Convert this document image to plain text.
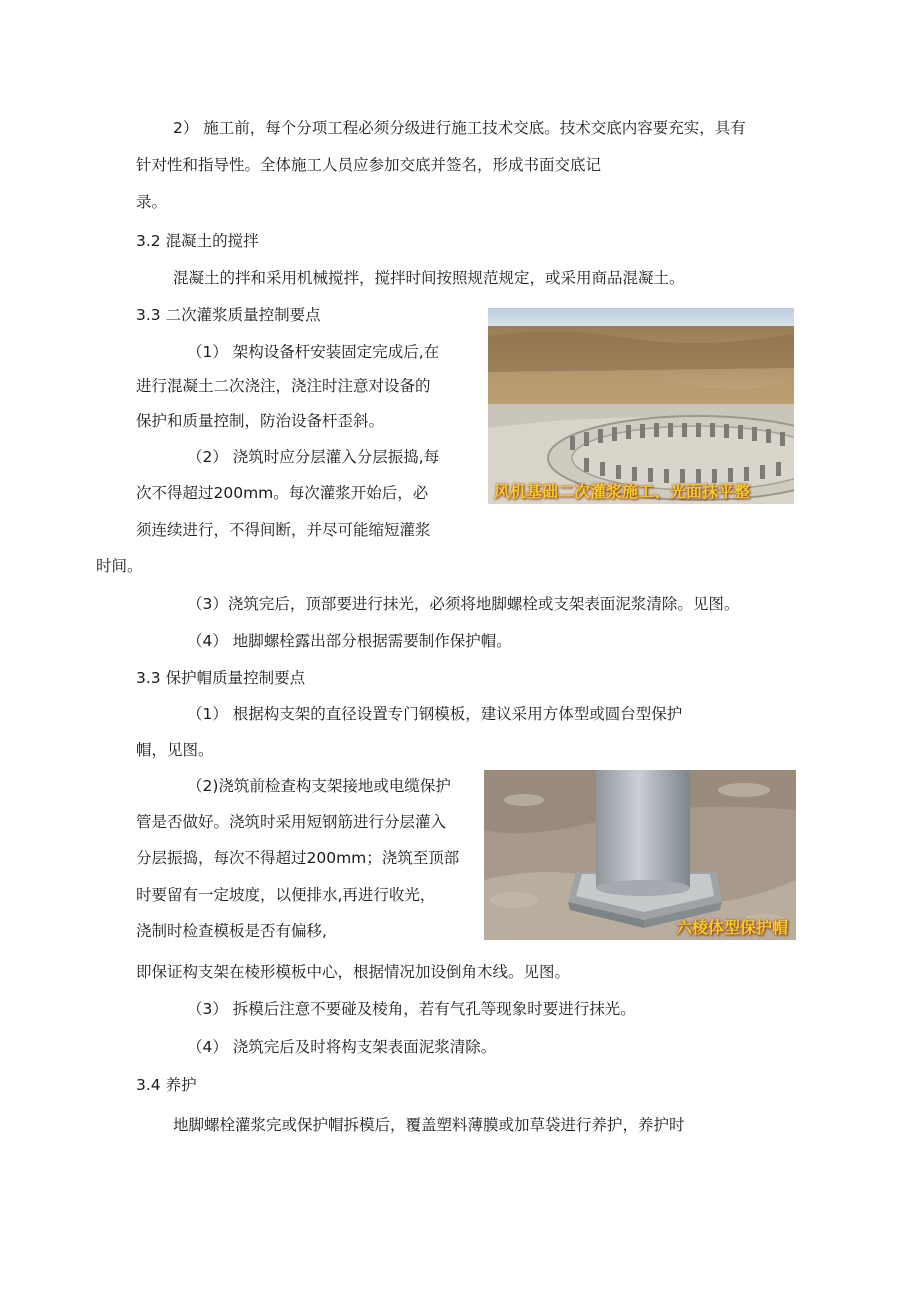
2） 施工前，每个分项工程必须分级进行施工技术交底。技术交底内容要充实，具有
针对性和指导性。全体施工人员应参加交底并签名，形成书面交底记
录。
3.2 混凝土的搅拌
混凝土的拌和采用机械搅拌，搅拌时间按照规范规定，或采用商品混凝土。
3.3 二次灌浆质量控制要点
（1） 架构设备杆安装固定完成后,在
进行混凝土二次浇注，浇注时注意对设备的
保护和质量控制，防治设备杆歪斜。
（2） 浇筑时应分层灌入分层振捣,每
次不得超过200mm。每次灌浆开始后，必
须连续进行，不得间断，并尽可能缩短灌浆
时间。
（3）浇筑完后，顶部要进行抹光，必须将地脚螺栓或支架表面泥浆清除。见图。
（4） 地脚螺栓露出部分根据需要制作保护帽。
3.3 保护帽质量控制要点
（1） 根据构支架的直径设置专门钢模板，建议采用方体型或圆台型保护
帽，见图。
（2)浇筑前检查构支架接地或电缆保护
管是否做好。浇筑时采用短钢筋进行分层灌入
分层振捣，每次不得超过200mm；浇筑至顶部
时要留有一定坡度，以便排水,再进行收光，
浇制时检查模板是否有偏移,
即保证构支架在棱形模板中心，根据情况加设倒角木线。见图。
（3） 拆模后注意不要碰及棱角，若有气孔等现象时要进行抹光。
（4） 浇筑完后及时将构支架表面泥浆清除。
3.4 养护
地脚螺栓灌浆完或保护帽拆模后，覆盖塑料薄膜或加草袋进行养护，养护时
风机基础二次灌浆施工、光面抹平整
六棱体型保护帽
